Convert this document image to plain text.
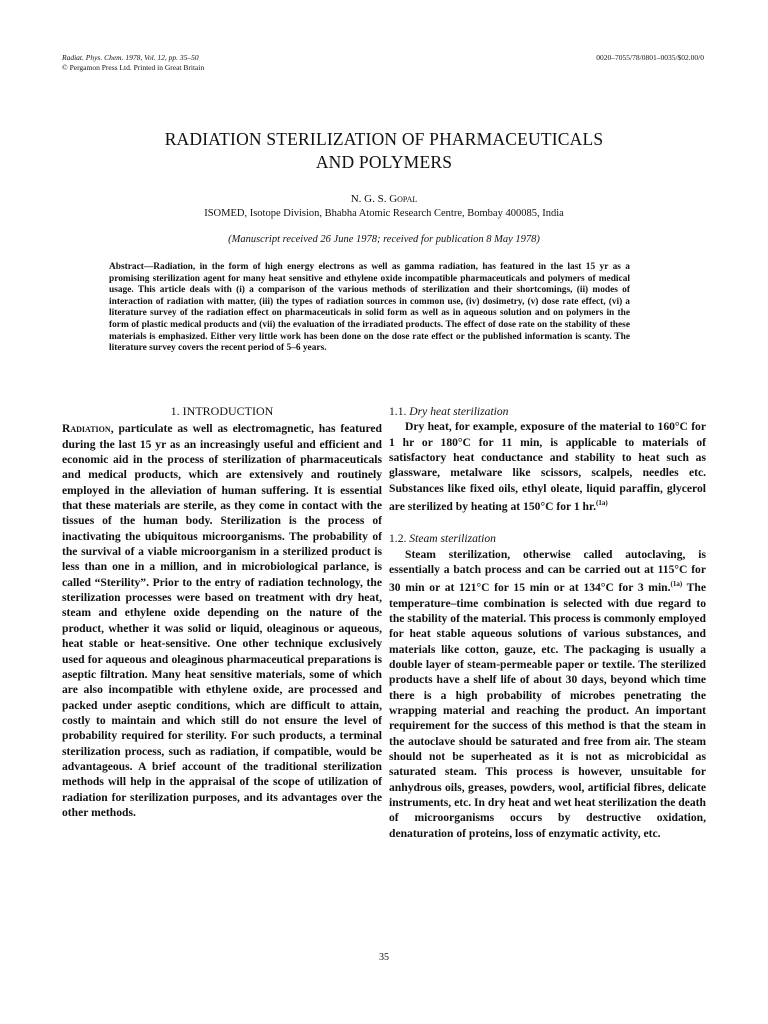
Radiat. Phys. Chem. 1978, Vol. 12, pp. 35–50
© Pergamon Press Ltd. Printed in Great Britain
0020–7055/78/0801–0035/$02.00/0
RADIATION STERILIZATION OF PHARMACEUTICALS
AND POLYMERS
N. G. S. Gopal
ISOMED, Isotope Division, Bhabha Atomic Research Centre, Bombay 400085, India
(Manuscript received 26 June 1978; received for publication 8 May 1978)
Abstract—Radiation, in the form of high energy electrons as well as gamma radiation, has featured in the last 15 yr as a promising sterilization agent for many heat sensitive and ethylene oxide incompatible pharmaceuticals and polymers of medical usage. This article deals with (i) a comparison of the various methods of sterilization and their shortcomings, (ii) modes of interaction of radiation with matter, (iii) the types of radiation sources in common use, (iv) dosimetry, (v) dose rate effect, (vi) a literature survey of the radiation effect on pharmaceuticals in solid form as well as in aqueous solution and on polymers in the form of plastic medical products and (vii) the evaluation of the irradiated products. The effect of dose rate on the stability of these materials is emphasized. Either very little work has been done on the dose rate effect or the published information is scanty. The literature survey covers the recent period of 5–6 years.
1. INTRODUCTION

Radiation, particulate as well as electromagnetic, has featured during the last 15 yr as an increasingly useful and efficient and economic aid in the process of sterilization of pharmaceuticals and medical products, which are extensively and routinely employed in the alleviation of human suffering. It is essential that these materials are sterile, as they come in contact with the tissues of the human body. Sterilization is the process of inactivating the ubiquitous microorganisms. The probability of the survival of a viable microorganism in a sterilized product is less than one in a million, and in microbiological parlance, is called “Sterility”. Prior to the entry of radiation technology, the sterilization processes were based on treatment with dry heat, steam and ethylene oxide depending on the nature of the product, whether it was solid or liquid, oleaginous or aqueous, heat stable or heat-sensitive. One other technique exclusively used for aqueous and oleaginous pharmaceutical preparations is aseptic filtration. Many heat sensitive materials, some of which are also incompatible with ethylene oxide, are processed and packed under aseptic conditions, which are difficult to attain, costly to maintain and which still do not ensure the level of probability required for sterility. For such products, a terminal sterilization process, such as radiation, if compatible, would be advantageous. A brief account of the traditional sterilization methods will help in the appraisal of the scope of utilization of radiation for sterilization purposes, and its advantages over the other methods.

1.1. Dry heat sterilization

Dry heat, for example, exposure of the material to 160°C for 1 hr or 180°C for 11 min, is applicable to materials of satisfactory heat conductance and stability to heat such as glassware, metalware like scissors, scalpels, needles etc. Substances like fixed oils, ethyl oleate, liquid paraffin, glycerol are sterilized by heating at 150°C for 1 hr.$^{(1a)}$

1.2. Steam sterilization

Steam sterilization, otherwise called autoclaving, is essentially a batch process and can be carried out at 115°C for 30 min or at 121°C for 15 min or at 134°C for 3 min.$^{(1a)}$ The temperature–time combination is selected with due regard to the stability of the material. This process is commonly employed for heat stable aqueous solutions of various substances, and materials like cotton, gauze, etc. The packaging is usually a double layer of steam-permeable paper or textile. The sterilized products have a shelf life of about 30 days, beyond which time there is a high probability of microbes penetrating the wrapping material and reaching the product. An important requirement for the success of this method is that the steam in the autoclave should be saturated and free from air. The steam should not be superheated as it is not as microbicidal as saturated steam. This process is however, unsuitable for anhydrous oils, greases, powders, wool, artificial fibres, delicate instruments, etc. In dry heat and wet heat sterilization the death of microorganisms occurs by destructive oxidation, denaturation of proteins, loss of enzymatic activity, etc.

35
